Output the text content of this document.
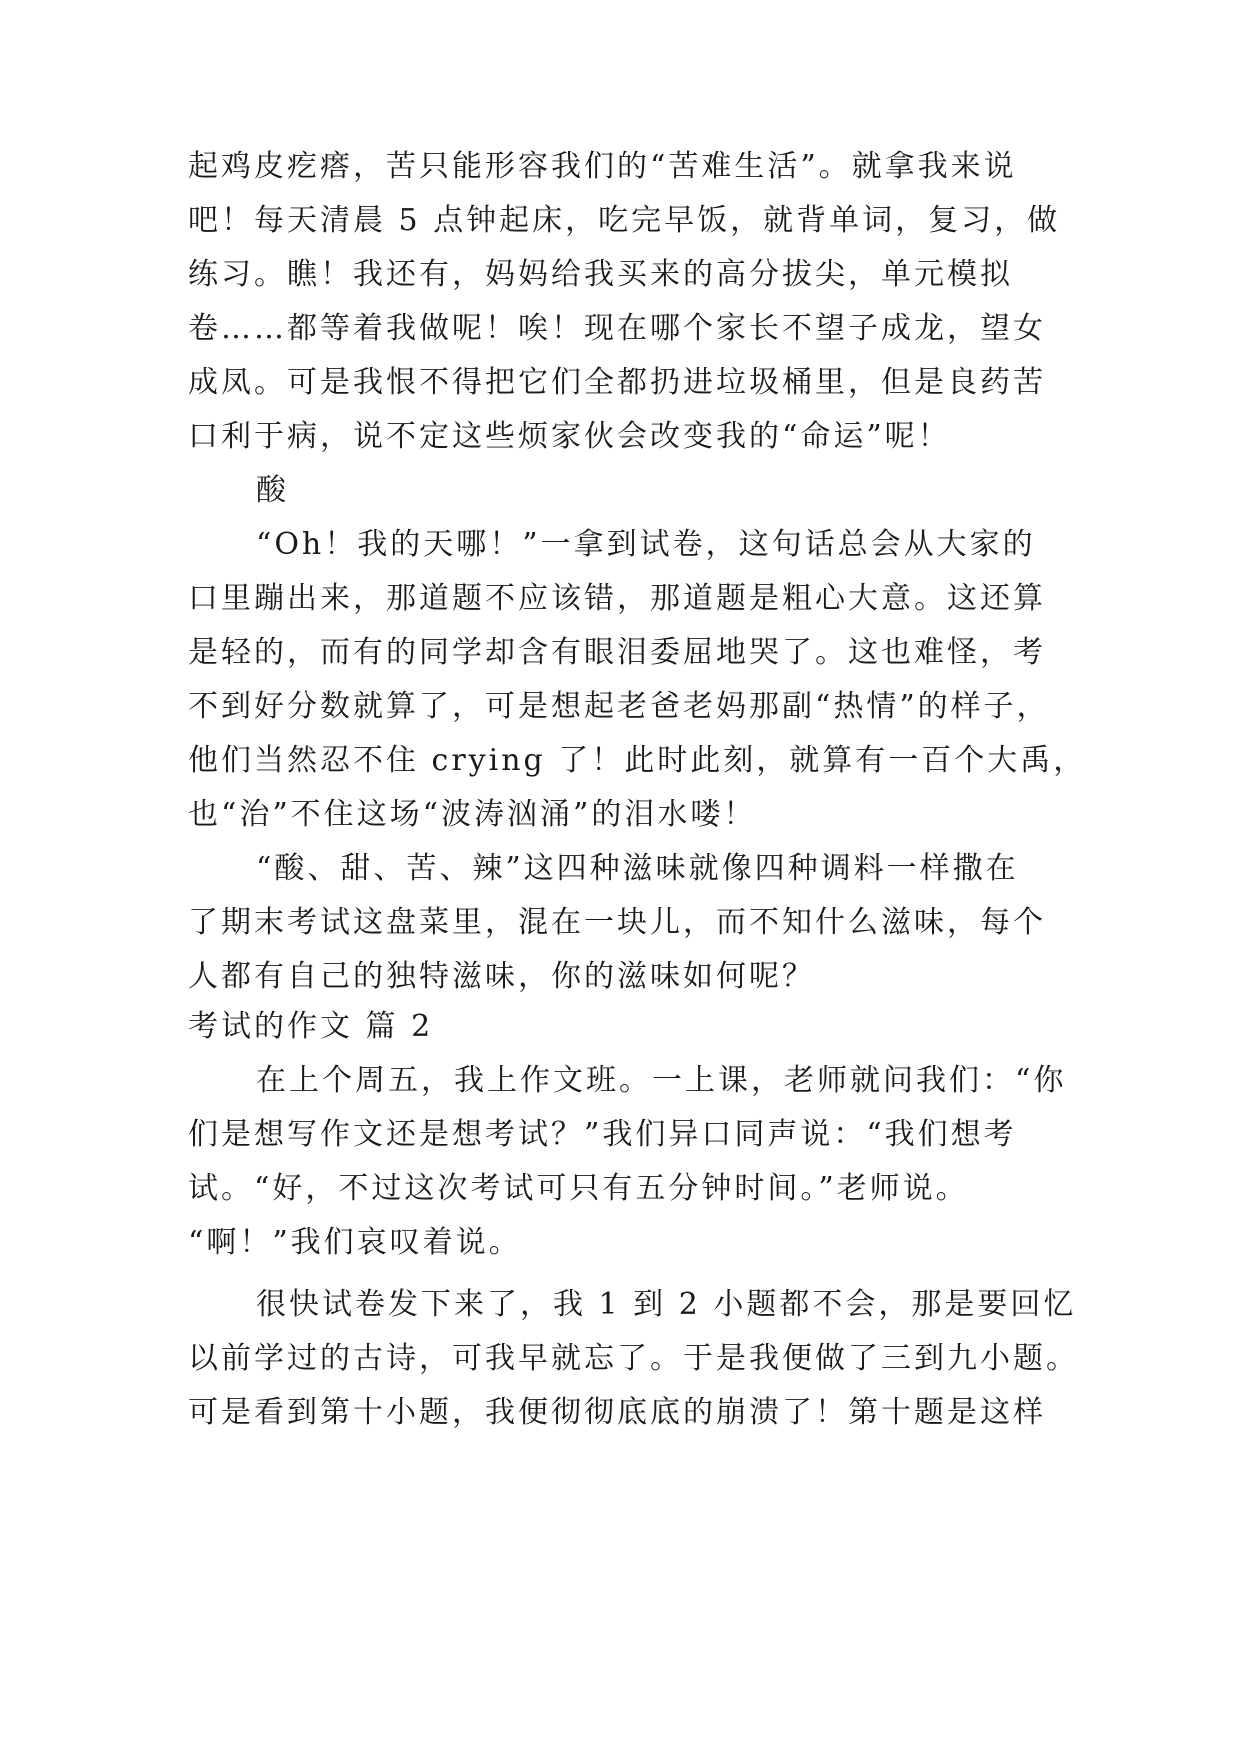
起鸡皮疙瘩，苦只能形容我们的“苦难生活”。就拿我来说
吧！每天清晨 5 点钟起床，吃完早饭，就背单词，复习，做
练习。瞧！我还有，妈妈给我买来的高分拔尖，单元模拟
卷……都等着我做呢！唉！现在哪个家长不望子成龙，望女
成凤。可是我恨不得把它们全都扔进垃圾桶里，但是良药苦
口利于病，说不定这些烦家伙会改变我的“命运”呢！
酸
“Oh！我的天哪！”一拿到试卷，这句话总会从大家的
口里蹦出来，那道题不应该错，那道题是粗心大意。这还算
是轻的，而有的同学却含有眼泪委屈地哭了。这也难怪，考
不到好分数就算了，可是想起老爸老妈那副“热情”的样子，
他们当然忍不住 crying 了！此时此刻，就算有一百个大禹，
也“治”不住这场“波涛汹涌”的泪水喽！
“酸、甜、苦、辣”这四种滋味就像四种调料一样撒在
了期末考试这盘菜里，混在一块儿，而不知什么滋味，每个
人都有自己的独特滋味，你的滋味如何呢？
考试的作文 篇 2
在上个周五，我上作文班。一上课，老师就问我们：“你
们是想写作文还是想考试？”我们异口同声说：“我们想考
试。“好，不过这次考试可只有五分钟时间。”老师说。
“啊！”我们哀叹着说。
很快试卷发下来了，我 1 到 2 小题都不会，那是要回忆
以前学过的古诗，可我早就忘了。于是我便做了三到九小题。
可是看到第十小题，我便彻彻底底的崩溃了！第十题是这样
